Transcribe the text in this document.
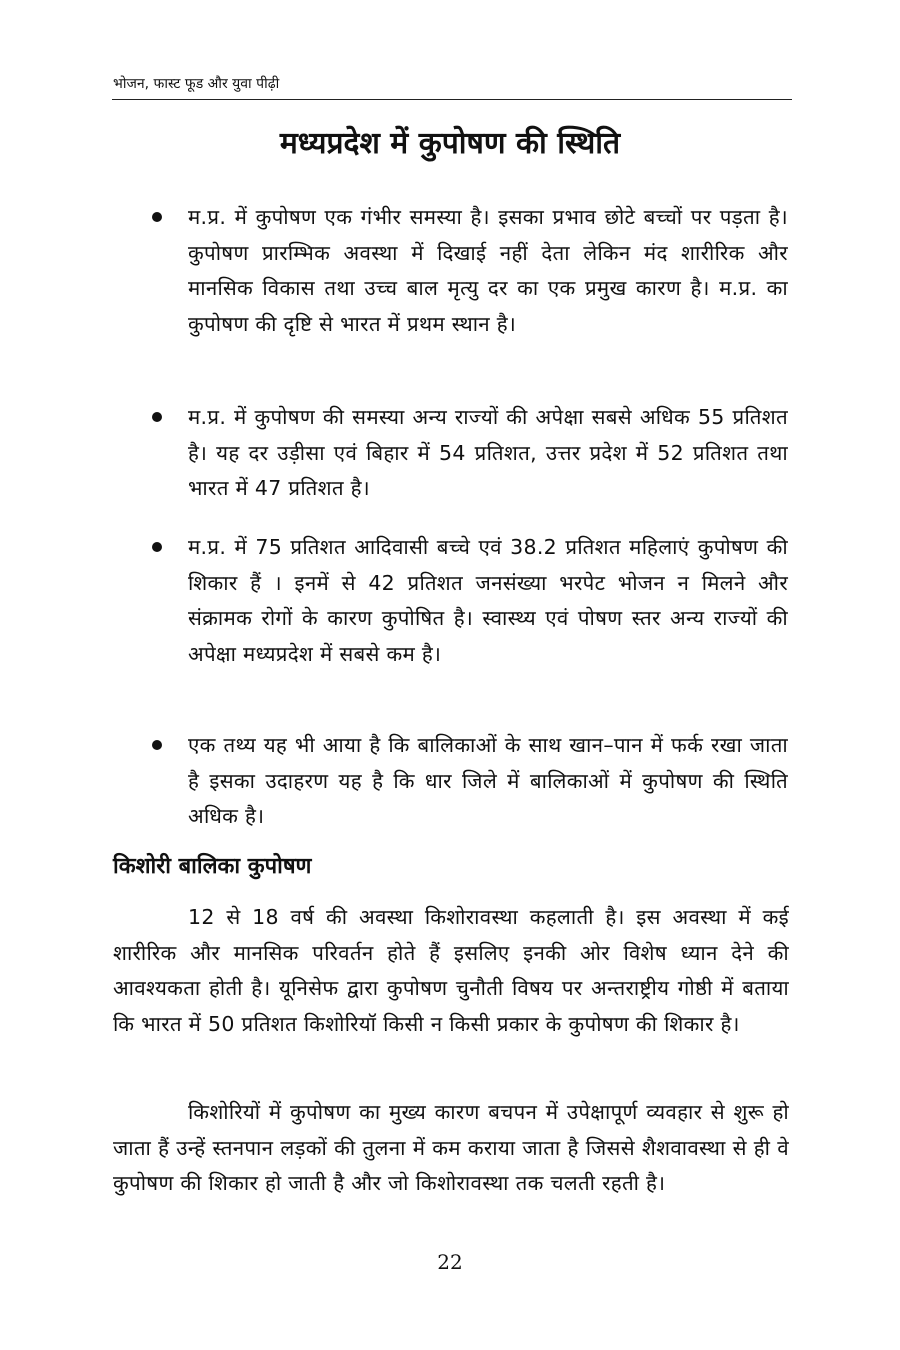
भोजन, फास्ट फूड और युवा पीढ़ी
मध्यप्रदेश में कुपोषण की स्थिति
म.प्र. में कुपोषण एक गंभीर समस्या है। इसका प्रभाव छोटे बच्चों पर पड़ता है। कुपोषण प्रारम्भिक अवस्था में दिखाई नहीं देता लेकिन मंद शारीरिक और मानसिक विकास तथा उच्च बाल मृत्यु दर का एक प्रमुख कारण है। म.प्र. का कुपोषण की दृष्टि से भारत में प्रथम स्थान है।
म.प्र. में कुपोषण की समस्या अन्य राज्यों की अपेक्षा सबसे अधिक 55 प्रतिशत है। यह दर उड़ीसा एवं बिहार में 54 प्रतिशत, उत्तर प्रदेश में 52 प्रतिशत तथा भारत में 47 प्रतिशत है।
म.प्र. में 75 प्रतिशत आदिवासी बच्चे एवं 38.2 प्रतिशत महिलाएं कुपोषण की शिकार हैं । इनमें से 42 प्रतिशत जनसंख्या भरपेट भोजन न मिलने और संक्रामक रोगों के कारण कुपोषित है। स्वास्थ्य एवं पोषण स्तर अन्य राज्यों की अपेक्षा मध्यप्रदेश में सबसे कम है।
एक तथ्य यह भी आया है कि बालिकाओं के साथ खान–पान में फर्क रखा जाता है इसका उदाहरण यह है कि धार जिले में बालिकाओं में कुपोषण की स्थिति अधिक है।
किशोरी बालिका कुपोषण

12 से 18 वर्ष की अवस्था किशोरावस्था कहलाती है। इस अवस्था में कई शारीरिक और मानसिक परिवर्तन होते हैं इसलिए इनकी ओर विशेष ध्यान देने की आवश्यकता होती है। यूनिसेफ द्वारा कुपोषण चुनौती विषय पर अन्तराष्ट्रीय गोष्ठी में बताया कि भारत में 50 प्रतिशत किशोरियॉ किसी न किसी प्रकार के कुपोषण की शिकार है।

किशोरियों में कुपोषण का मुख्य कारण बचपन में उपेक्षापूर्ण व्यवहार से शुरू हो जाता हैं उन्हें स्तनपान लड़कों की तुलना में कम कराया जाता है जिससे शैशवावस्था से ही वे कुपोषण की शिकार हो जाती है और जो किशोरावस्था तक चलती रहती है।

22
